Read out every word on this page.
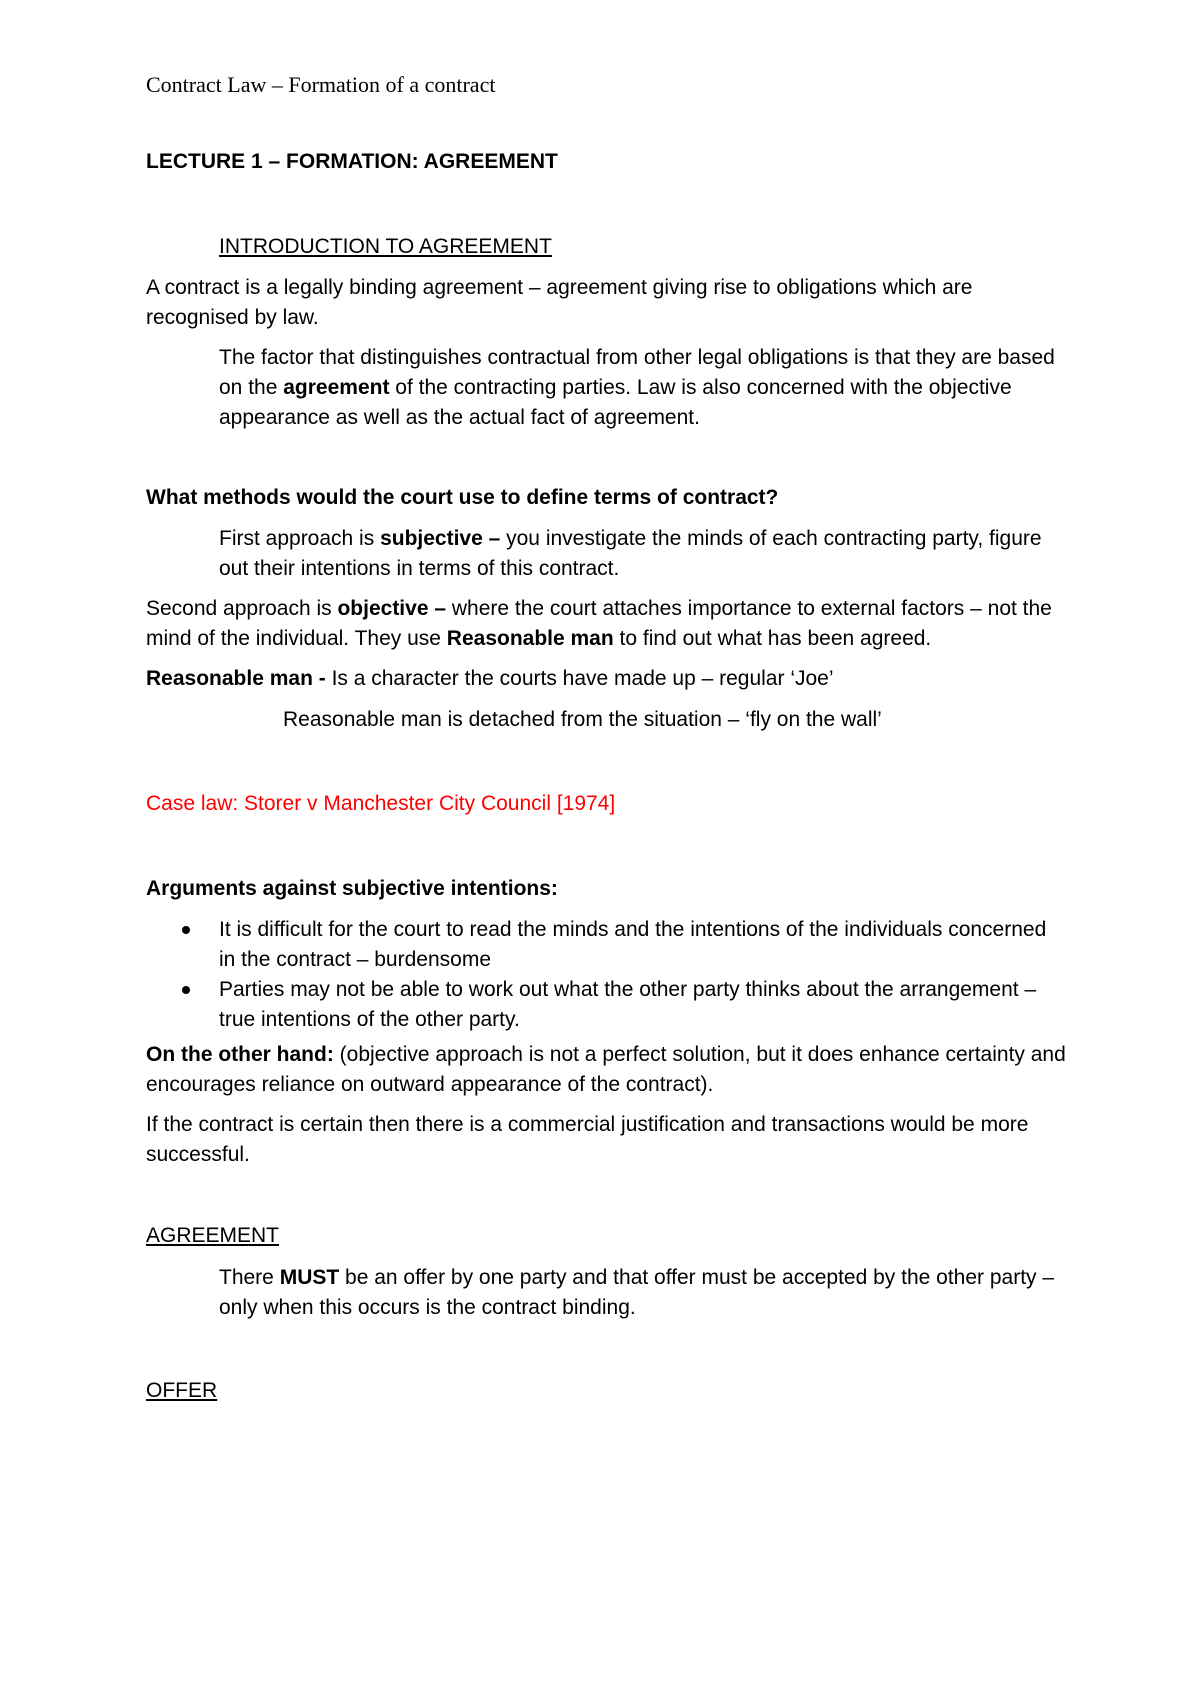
Contract Law – Formation of a contract

LECTURE 1 – FORMATION: AGREEMENT

INTRODUCTION TO AGREEMENT

A contract is a legally binding agreement – agreement giving rise to obligations which are recognised by law.

The factor that distinguishes contractual from other legal obligations is that they are based on the agreement of the contracting parties. Law is also concerned with the objective appearance as well as the actual fact of agreement.

What methods would the court use to define terms of contract?

First approach is subjective – you investigate the minds of each contracting party, figure out their intentions in terms of this contract.

Second approach is objective – where the court attaches importance to external factors – not the mind of the individual. They use Reasonable man to find out what has been agreed.

Reasonable man - Is a character the courts have made up – regular ‘Joe’

Reasonable man is detached from the situation – ‘fly on the wall’

Case law: Storer v Manchester City Council [1974]

Arguments against subjective intentions:

It is difficult for the court to read the minds and the intentions of the individuals concerned in the contract – burdensome
Parties may not be able to work out what the other party thinks about the arrangement – true intentions of the other party.

On the other hand: (objective approach is not a perfect solution, but it does enhance certainty and encourages reliance on outward appearance of the contract).

If the contract is certain then there is a commercial justification and transactions would be more successful.

AGREEMENT

There MUST be an offer by one party and that offer must be accepted by the other party – only when this occurs is the contract binding.

OFFER
